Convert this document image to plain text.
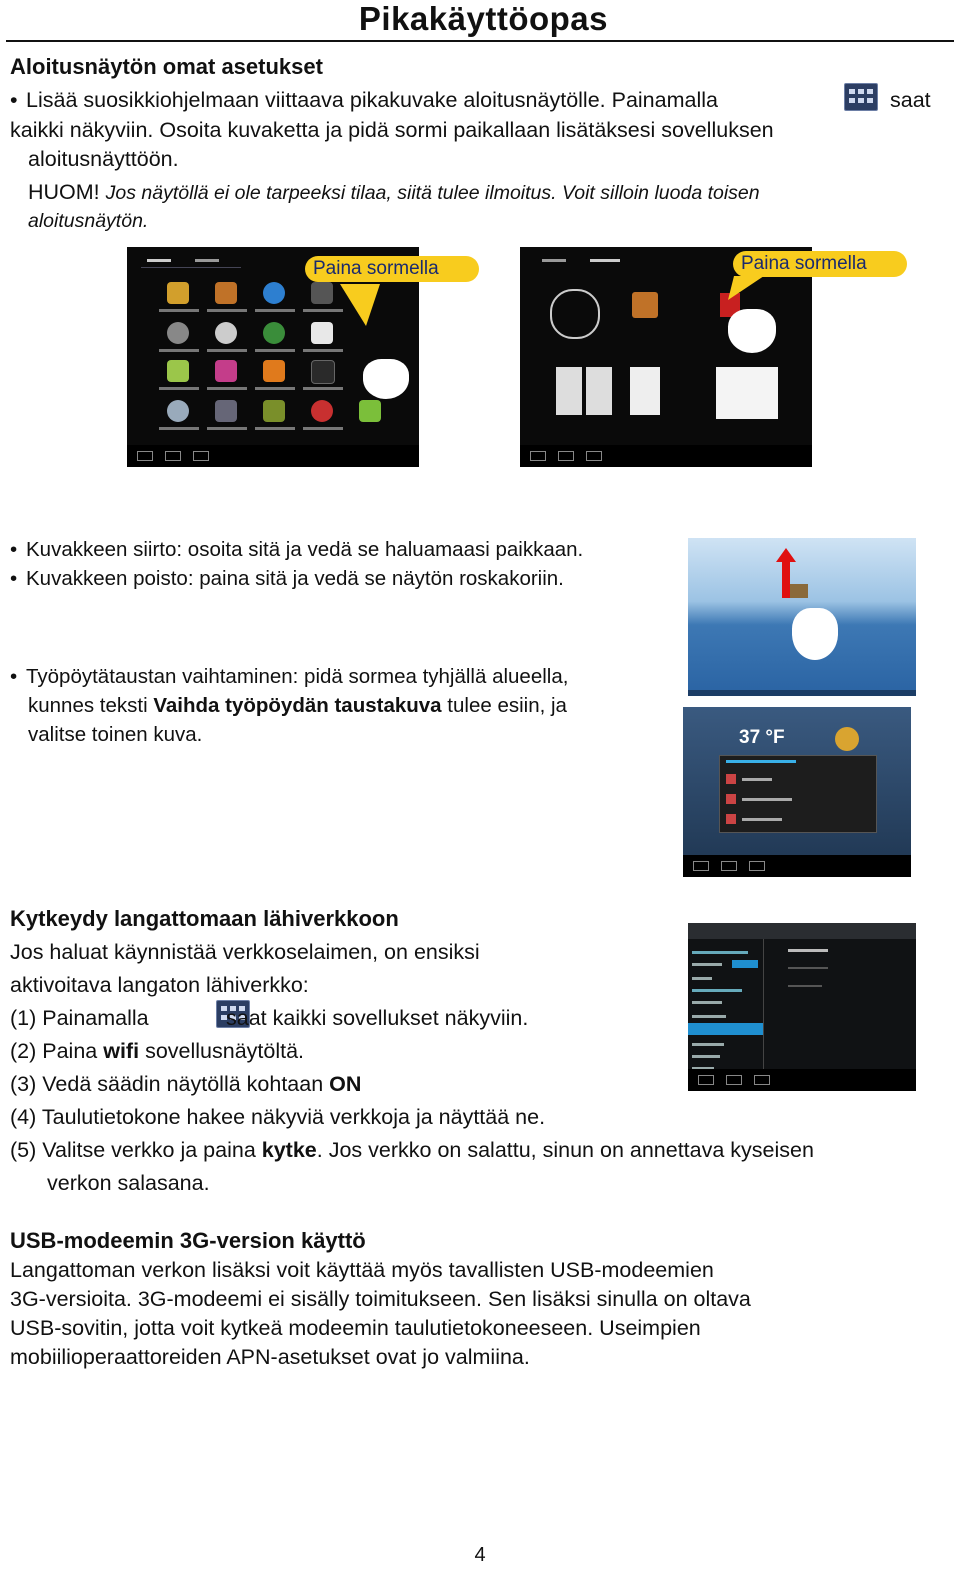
Pikakäyttöopas
Aloitusnäytön omat asetukset
• Lisää suosikkiohjelmaan viittaava pikakuvake aloitusnäytölle. Painamalla
	saat
kaikki näkyviin. Osoita kuvaketta ja pidä sormi paikallaan lisätäksesi sovelluksen
aloitusnäyttöön.
HUOM! Jos näytöllä ei ole tarpeeksi tilaa, siitä tulee ilmoitus. Voit silloin luoda toisen
aloitusnäytön.
Paina sormella	Paina sormella
• Kuvakkeen siirto: osoita sitä ja vedä se haluamaasi paikkaan.
• Kuvakkeen poisto: paina sitä ja vedä se näytön roskakoriin.
• Työpöytätaustan vaihtaminen: pidä sormea tyhjällä alueella,
kunnes teksti Vaihda työpöydän taustakuva tulee esiin, ja
valitse toinen kuva.	37 °F
Kytkeydy langattomaan lähiverkkoon
Jos haluat käynnistää verkkoselaimen, on ensiksi
aktivoitava langaton lähiverkko:
(1) Painamalla	saat kaikki sovellukset näkyviin.
(2) Paina wifi sovellusnäytöltä.
(3) Vedä säädin näytöllä kohtaan ON
(4) Taulutietokone hakee näkyviä verkkoja ja näyttää ne.
(5) Valitse verkko ja paina kytke. Jos verkko on salattu, sinun on annettava kyseisen
verkon salasana.
USB-modeemin 3G-version käyttö
Langattoman verkon lisäksi voit käyttää myös tavallisten USB-modeemien
3G-versioita. 3G-modeemi ei sisälly toimitukseen. Sen lisäksi sinulla on oltava
USB-sovitin, jotta voit kytkeä modeemin taulutietokoneeseen. Useimpien
mobiilioperaattoreiden APN-asetukset ovat jo valmiina.
4
